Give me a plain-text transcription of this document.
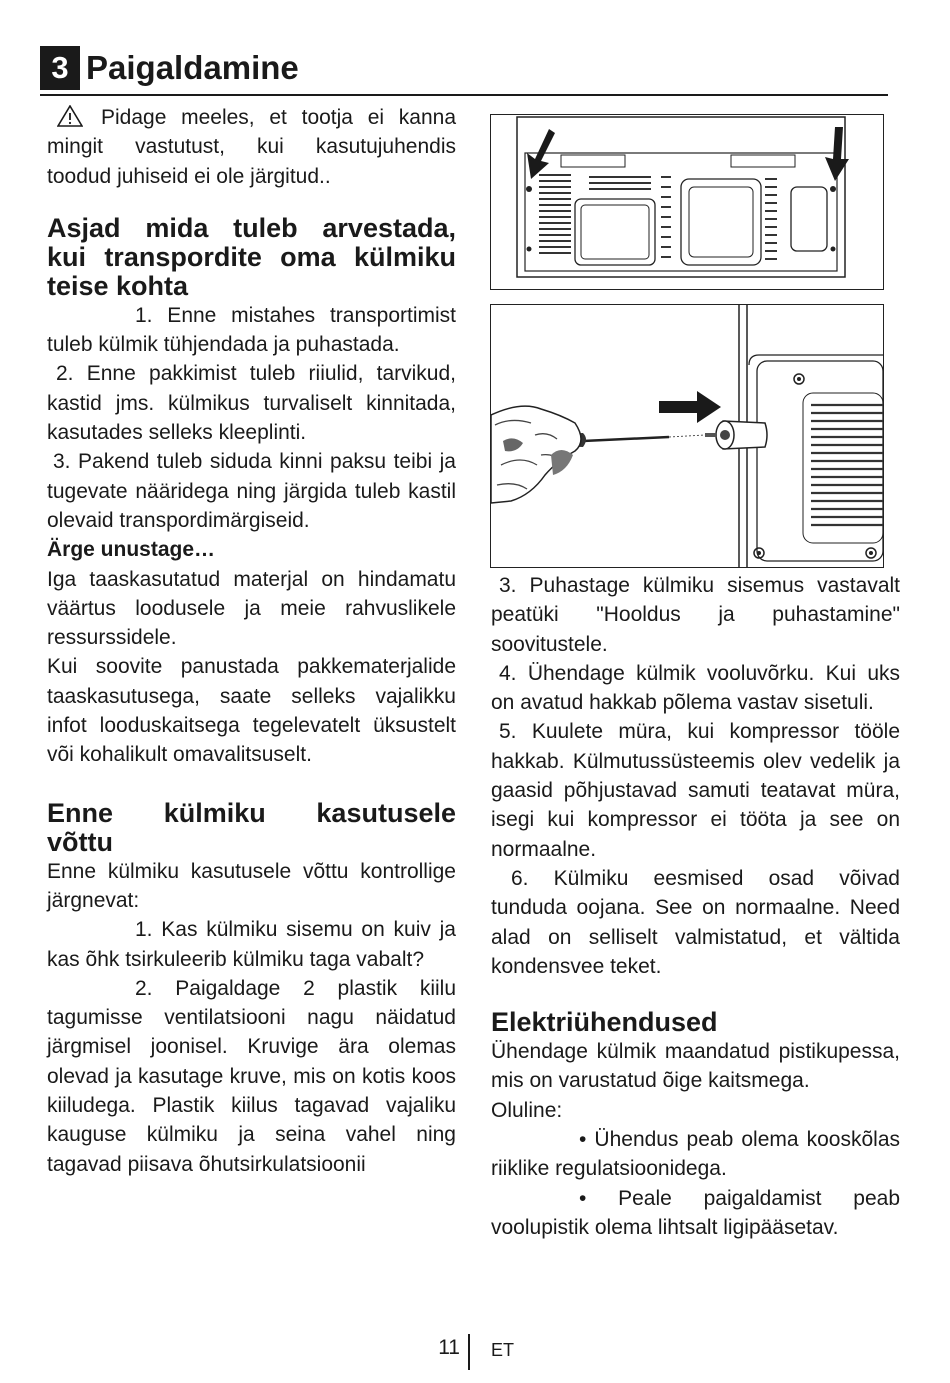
3 Paigaldamine

Pidage meeles, et tootja ei kanna

mingit vastutust, kui kasutujuhendis

toodud juhiseid ei ole järgitud..

Asjad mida tuleb arvestada,

kui transpordite oma külmiku

teise kohta

1. Enne mistahes transportimist tuleb külmik tühjendada ja puhastada.

2. Enne pakkimist tuleb riiulid, tarvikud, kastid jms. külmikus turvaliselt kinnitada, kasutades selleks kleeplinti.

3. Pakend tuleb siduda kinni paksu teibi ja tugevate nääridega ning järgida tuleb kastil olevaid transpordimärgiseid.

Ärge unustage…

Iga taaskasutatud materjal on hindamatu väärtus loodusele ja meie rahvuslikele ressurssidele.

Kui soovite panustada pakkematerjalide taaskasutusega, saate selleks vajalikku infot looduskaitsega tegelevatelt üksustelt või kohalikult omavalitsuselt.

Enne külmiku kasutusele

võttu

Enne külmiku kasutusele võttu kontrollige järgnevat:

1. Kas külmiku sisemu on kuiv ja kas õhk tsirkuleerib külmiku taga vabalt?

2. Paigaldage 2 plastik kiilu tagumisse ventilatsiooni nagu näidatud järgmisel joonisel. Kruvige ära olemas olevad ja kasutage kruve, mis on kotis koos kiiludega. Plastik kiilus tagavad vajaliku kauguse külmiku ja seina vahel ning tagavad piisava õhutsirkulatsioonii

3. Puhastage külmiku sisemus vastavalt peatüki "Hooldus ja puhastamine" soovitustele.

4. Ühendage külmik vooluvõrku. Kui uks on avatud hakkab põlema vastav sisetuli.

5. Kuulete müra, kui kompressor tööle hakkab. Külmutussüsteemis olev vedelik ja gaasid põhjustavad samuti teatavat müra, isegi kui kompressor ei tööta ja see on normaalne.

6. Külmiku eesmised osad võivad tunduda oojana. See on normaalne. Need alad on selliselt valmistatud, et vältida kondensvee teket.

Elektriühendused

Ühendage külmik maandatud pistikupessa, mis on varustatud õige kaitsmega.

Oluline:

• Ühendus peab olema kooskõlas riiklike regulatsioonidega.

• Peale paigaldamist peab voolupistik olema lihtsalt ligipääsetav.

11 ET
